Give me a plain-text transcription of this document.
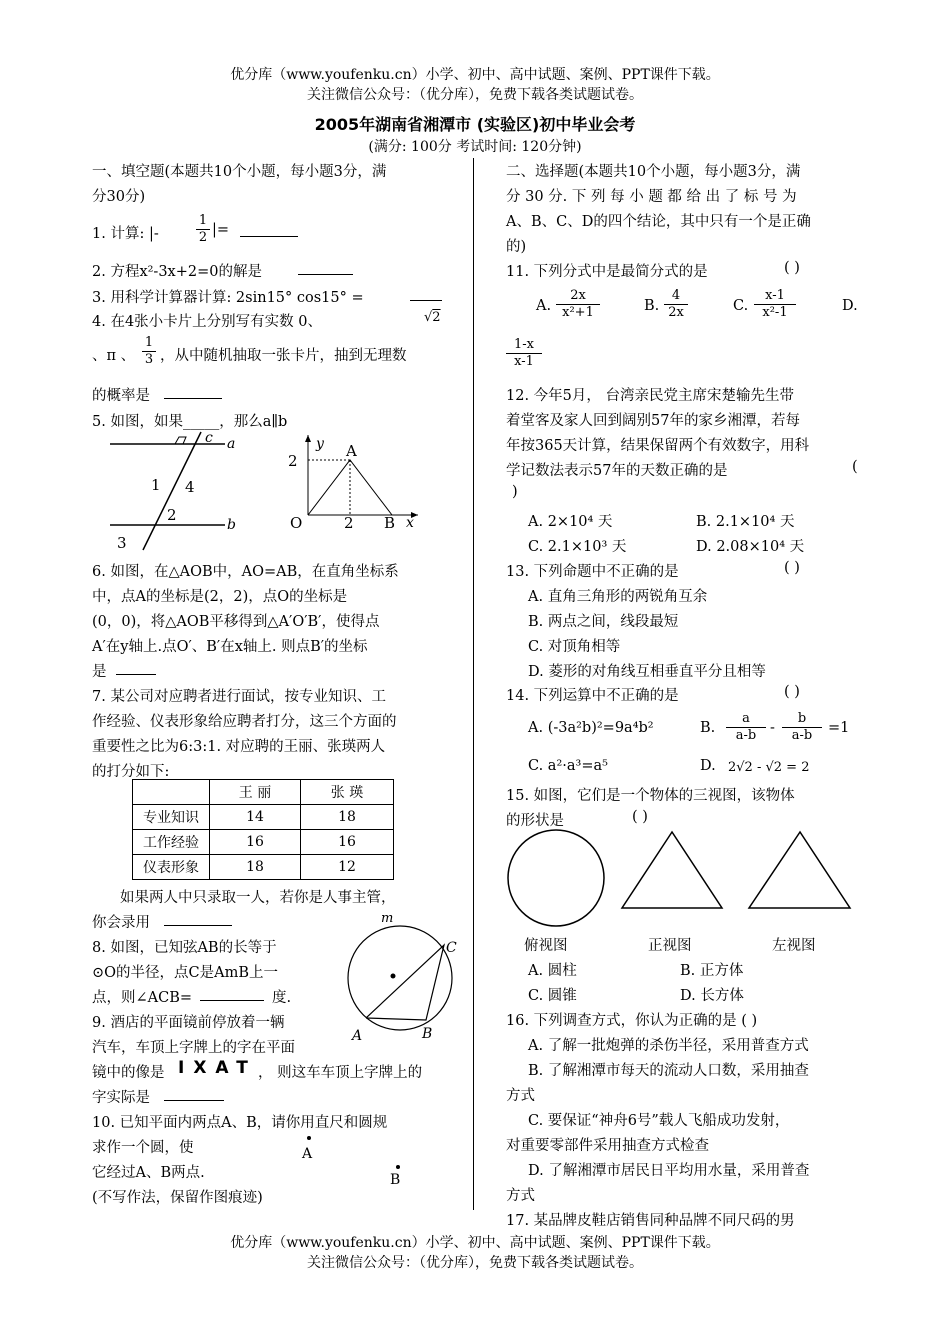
优分库（www.youfenku.cn）小学、初中、高中试题、案例、PPT课件下载。
关注微信公众号：（优分库），免费下载各类试题试卷。
2005年湖南省湘潭市 (实验区)初中毕业会考
(满分: 100分 考试时间: 120分钟)
一、填空题(本题共10个小题，每小题3分，满
分30分)
1. 计算: |-	$\frac{1}{2}$ |=
2. 方程x²-3x+2=0的解是
3. 用科学计算器计算: 2sin15° cos15° =
4. 在4张小卡片上分别写有实数 0、	√2
、π 、 $\frac{1}{3}$ ，从中随机抽取一张卡片，抽到无理数
的概率是
5. 如图，如果_____，那么a∥b
c a
b
1 4
2
3
y
x
A
2
O	2 B
6. 如图，在△AOB中，AO=AB，在直角坐标系
中，点A的坐标是(2，2)，点O的坐标是
(0，0)，将△AOB平移得到△A′O′B′，使得点
A′在y轴上.点O′、B′在x轴上. 则点B′的坐标
是
7. 某公司对应聘者进行面试，按专业知识、工
作经验、仪表形象给应聘者打分，这三个方面的
重要性之比为6:3:1. 对应聘的王丽、张瑛两人
的打分如下:
	王 丽	张 瑛
专业知识	14	18
工作经验	16	16
仪表形象	18	12
如果两人中只录取一人，若你是人事主管，
你会录用
8. 如图，已知弦AB的长等于
⊙O的半径，点C是AmB上一
点，则∠ACB=	度.
m
A	B
C
9. 酒店的平面镜前停放着一辆
汽车，车顶上字牌上的字在平面
镜中的像是 IXAT ， 则这车车顶上字牌上的
字实际是
10. 已知平面内两点A、B，请你用直尺和圆规
求作一个圆，使
它经过A、B两点.
(不写作法，保留作图痕迹)
A
B
二、选择题(本题共10个小题，每小题3分，满
分 30 分. 下 列 每 小 题 都 给 出 了 标 号 为
A、B、C、D的四个结论，其中只有一个是正确
的)
11. 下列分式中是最简分式的是	( )
A. $\frac{2x}{\text{x²+1}}$	B. $\frac{4}{2x}$	C. $\frac{x-1}{\text{x²-1}}$	D.
$\frac{1-x}{x-1}$
12. 今年5月， 台湾亲民党主席宋楚输先生带
着堂客及家人回到阔别57年的家乡湘潭，若每
年按365天计算，结果保留两个有效数字，用科
学记数法表示57年的天数正确的是	(
)
A. 2×10⁴ 天	B. 2.1×10⁴ 天
C. 2.1×10³ 天	D. 2.08×10⁴ 天
13. 下列命题中不正确的是	( )
A. 直角三角形的两锐角互余
B. 两点之间，线段最短
C. 对顶角相等
D. 菱形的对角线互相垂直平分且相等
14. 下列运算中不正确的是	( )
A. (-3a²b)²=9a⁴b²	B. $\frac{a}{a-b} - \frac{b}{a-b} =1$
C. a²·a³=a⁵	D. 2√2 - √2 = 2
15. 如图，它们是一个物体的三视图，该物体
的形状是	( )
俯视图	正视图	左视图
A. 圆柱	B. 正方体
C. 圆锥	D. 长方体
16. 下列调查方式，你认为正确的是 ( )
A. 了解一批炮弹的杀伤半径，采用普查方式
B. 了解湘潭市每天的流动人口数，采用抽查
方式
C. 要保证“神舟6号”载人飞船成功发射，
对重要零部件采用抽查方式检查
D. 了解湘潭市居民日平均用水量，采用普查
方式
17. 某品牌皮鞋店销售同种品牌不同尺码的男
优分库（www.youfenku.cn）小学、初中、高中试题、案例、PPT课件下载。
关注微信公众号：（优分库），免费下载各类试题试卷。
